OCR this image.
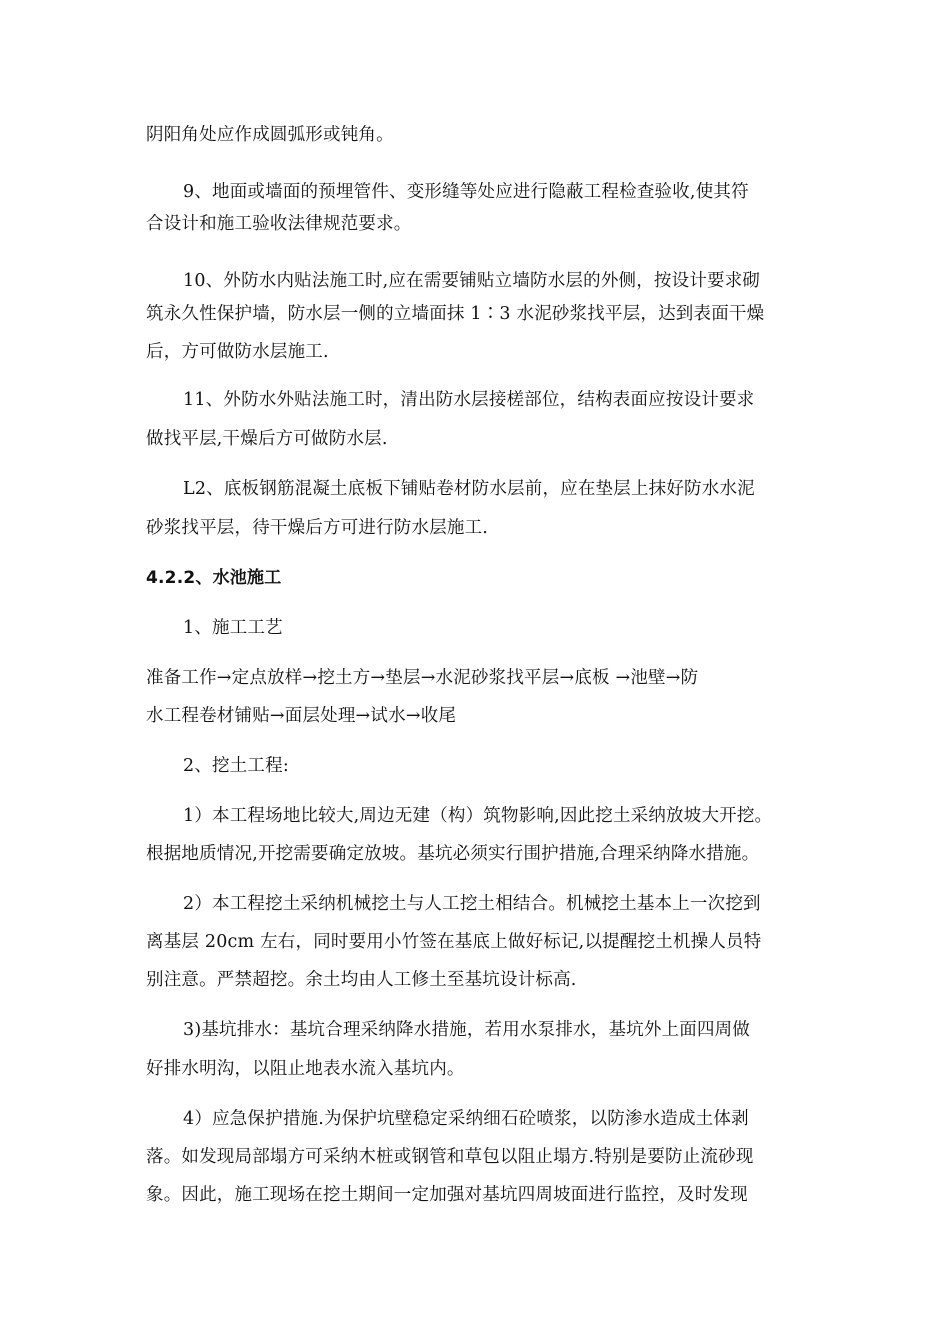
阴阳角处应作成圆弧形或钝角。
9、地面或墙面的预埋管件、变形缝等处应进行隐蔽工程检查验收,使其符
合设计和施工验收法律规范要求。
10、外防水内贴法施工时,应在需要铺贴立墙防水层的外侧，按设计要求砌
筑永久性保护墙，防水层一侧的立墙面抹 1∶3 水泥砂浆找平层，达到表面干燥
后，方可做防水层施工.
11、外防水外贴法施工时，清出防水层接槎部位，结构表面应按设计要求
做找平层,干燥后方可做防水层.
L2、底板钢筋混凝土底板下铺贴卷材防水层前，应在垫层上抹好防水水泥
砂浆找平层，待干燥后方可进行防水层施工.
4.2.2、水池施工
1、施工工艺
准备工作→定点放样→挖土方→垫层→水泥砂浆找平层→底板 →池壁→防
水工程卷材铺贴→面层处理→试水→收尾
2、挖土工程:
1）本工程场地比较大,周边无建（构）筑物影响,因此挖土采纳放坡大开挖。
根据地质情况,开挖需要确定放坡。基坑必须实行围护措施,合理采纳降水措施。
2）本工程挖土采纳机械挖土与人工挖土相结合。机械挖土基本上一次挖到
离基层 20cm 左右，同时要用小竹签在基底上做好标记,以提醒挖土机操人员特
别注意。严禁超挖。余土均由人工修土至基坑设计标高.
3)基坑排水：基坑合理采纳降水措施，若用水泵排水，基坑外上面四周做
好排水明沟，以阻止地表水流入基坑内。
4）应急保护措施.为保护坑壁稳定采纳细石砼喷浆，以防渗水造成土体剥
落。如发现局部塌方可采纳木桩或钢管和草包以阻止塌方.特别是要防止流砂现
象。因此，施工现场在挖土期间一定加强对基坑四周坡面进行监控，及时发现
